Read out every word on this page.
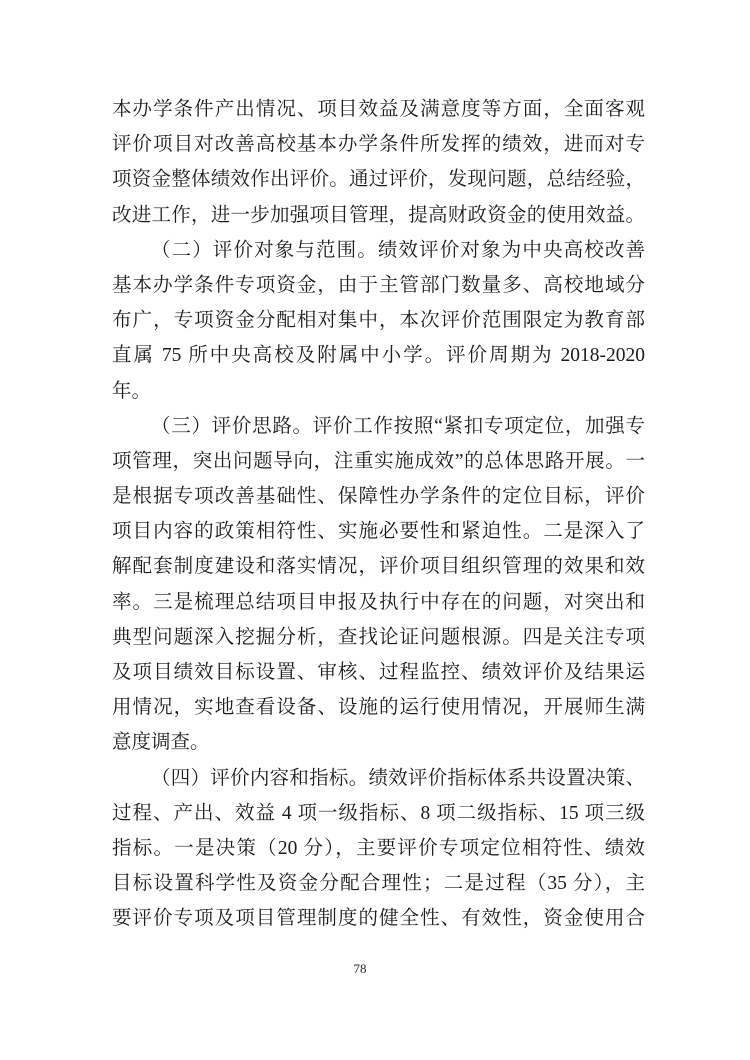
本办学条件产出情况、项目效益及满意度等方面，全面客观
评价项目对改善高校基本办学条件所发挥的绩效，进而对专
项资金整体绩效作出评价。通过评价，发现问题，总结经验，
改进工作，进一步加强项目管理，提高财政资金的使用效益。
（二）评价对象与范围。绩效评价对象为中央高校改善
基本办学条件专项资金，由于主管部门数量多、高校地域分
布广，专项资金分配相对集中，本次评价范围限定为教育部
直属 75 所中央高校及附属中小学。评价周期为 2018-2020
年。
（三）评价思路。评价工作按照“紧扣专项定位，加强专
项管理，突出问题导向，注重实施成效”的总体思路开展。一
是根据专项改善基础性、保障性办学条件的定位目标，评价
项目内容的政策相符性、实施必要性和紧迫性。二是深入了
解配套制度建设和落实情况，评价项目组织管理的效果和效
率。三是梳理总结项目申报及执行中存在的问题，对突出和
典型问题深入挖掘分析，查找论证问题根源。四是关注专项
及项目绩效目标设置、审核、过程监控、绩效评价及结果运
用情况，实地查看设备、设施的运行使用情况，开展师生满
意度调查。
（四）评价内容和指标。绩效评价指标体系共设置决策、
过程、产出、效益 4 项一级指标、8 项二级指标、15 项三级
指标。一是决策（20 分），主要评价专项定位相符性、绩效
目标设置科学性及资金分配合理性；二是过程（35 分），主
要评价专项及项目管理制度的健全性、有效性，资金使用合
78
